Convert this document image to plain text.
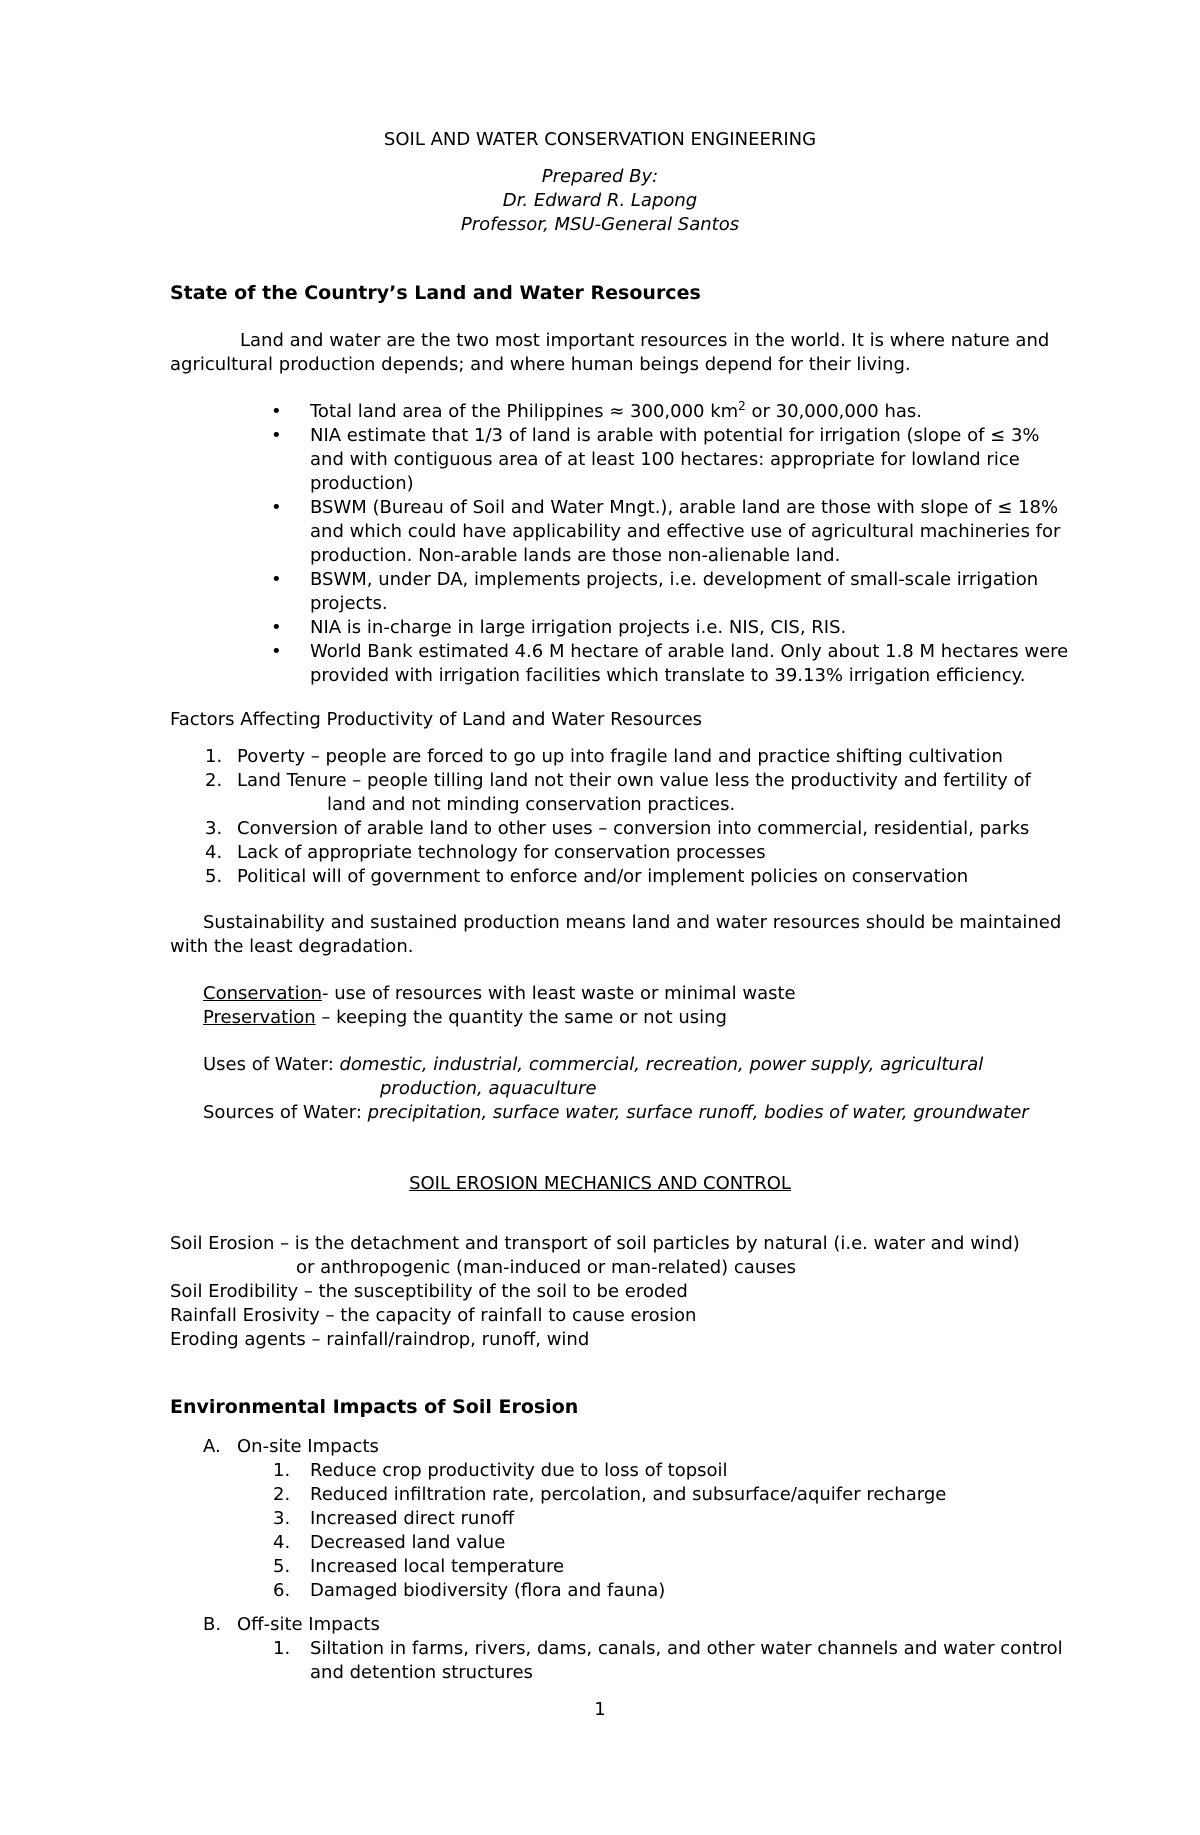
SOIL AND WATER CONSERVATION ENGINEERING
Prepared By:
Dr. Edward R. Lapong
Professor, MSU-General Santos
State of the Country’s Land and Water Resources
Land and water are the two most important resources in the world. It is where nature and
agricultural production depends; and where human beings depend for their living.
• Total land area of the Philippines ≈ 300,000 $km^2$ or 30,000,000 has.
• NIA estimate that 1/3 of land is arable with potential for irrigation (slope of ≤ 3%
and with contiguous area of at least 100 hectares: appropriate for lowland rice
production)
• BSWM (Bureau of Soil and Water Mngt.), arable land are those with slope of ≤ 18%
and which could have applicability and effective use of agricultural machineries for
production. Non-arable lands are those non-alienable land.
• BSWM, under DA, implements projects, i.e. development of small-scale irrigation
projects.
• NIA is in-charge in large irrigation projects i.e. NIS, CIS, RIS.
• World Bank estimated 4.6 M hectare of arable land. Only about 1.8 M hectares were
provided with irrigation facilities which translate to 39.13% irrigation efficiency.
Factors Affecting Productivity of Land and Water Resources
1. Poverty – people are forced to go up into fragile land and practice shifting cultivation
2. Land Tenure – people tilling land not their own value less the productivity and fertility of
land and not minding conservation practices.
3. Conversion of arable land to other uses – conversion into commercial, residential, parks
4. Lack of appropriate technology for conservation processes
5. Political will of government to enforce and/or implement policies on conservation
Sustainability and sustained production means land and water resources should be maintained
with the least degradation.
Conservation- use of resources with least waste or minimal waste
Preservation – keeping the quantity the same or not using
Uses of Water: domestic, industrial, commercial, recreation, power supply, agricultural
production, aquaculture
Sources of Water: precipitation, surface water, surface runoff, bodies of water, groundwater
SOIL EROSION MECHANICS AND CONTROL
Soil Erosion – is the detachment and transport of soil particles by natural (i.e. water and wind)
or anthropogenic (man-induced or man-related) causes
Soil Erodibility – the susceptibility of the soil to be eroded
Rainfall Erosivity – the capacity of rainfall to cause erosion
Eroding agents – rainfall/raindrop, runoff, wind
Environmental Impacts of Soil Erosion
A. On-site Impacts
1. Reduce crop productivity due to loss of topsoil
2. Reduced infiltration rate, percolation, and subsurface/aquifer recharge
3. Increased direct runoff
4. Decreased land value
5. Increased local temperature
6. Damaged biodiversity (flora and fauna)
B. Off-site Impacts
1. Siltation in farms, rivers, dams, canals, and other water channels and water control
and detention structures
1
